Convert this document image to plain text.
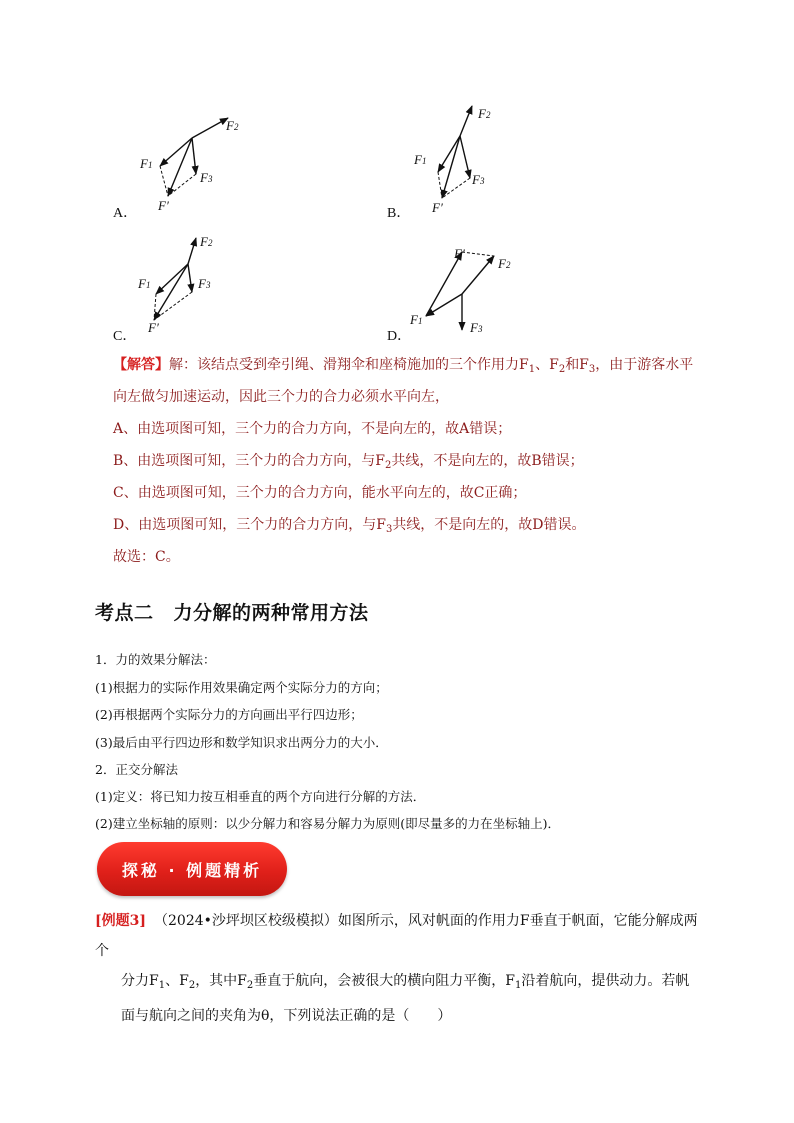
F2
F1
F3
F′
A．
F2
F1
F3
F′
B．
F2
F1	F3
F′
C．
F′
F2
F1	F3
D．
【解答】解：该结点受到牵引绳、滑翔伞和座椅施加的三个作用力$F_1$、$F_2$和$F_3$，由于游客水平
向左做匀加速运动，因此三个力的合力必须水平向左，
A、由选项图可知，三个力的合力方向，不是向左的，故A错误；
B、由选项图可知，三个力的合力方向，与$F_2$共线，不是向左的，故B错误；
C、由选项图可知，三个力的合力方向，能水平向左的，故C正确；
D、由选项图可知，三个力的合力方向，与$F_3$共线，不是向左的，故D错误。
故选：C。
考点二 力分解的两种常用方法
1．力的效果分解法：
(1)根据力的实际作用效果确定两个实际分力的方向；
(2)再根据两个实际分力的方向画出平行四边形；
(3)最后由平行四边形和数学知识求出两分力的大小．
2．正交分解法
(1)定义：将已知力按互相垂直的两个方向进行分解的方法．
(2)建立坐标轴的原则：以少分解力和容易分解力为原则(即尽量多的力在坐标轴上)．
探秘 · 例题精析
[例题3] （2024•沙坪坝区校级模拟）如图所示，风对帆面的作用力F垂直于帆面，它能分解成两个
分力$F_1$、$F_2$，其中$F_2$垂直于航向，会被很大的横向阻力平衡，$F_1$沿着航向，提供动力。若帆
面与航向之间的夹角为θ，下列说法正确的是（　　）
